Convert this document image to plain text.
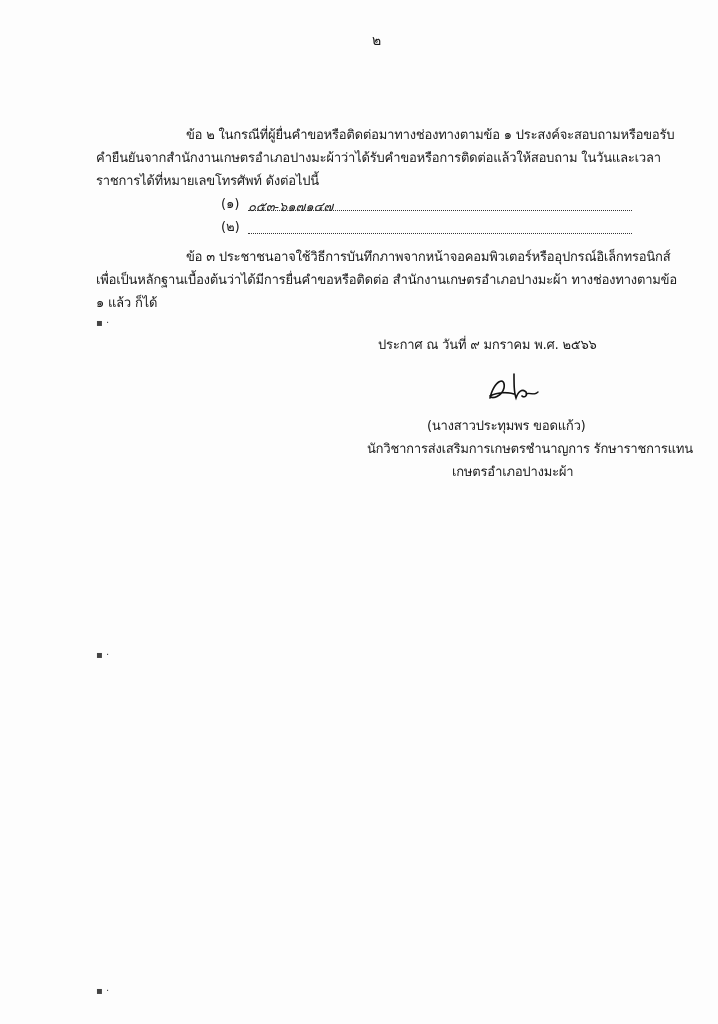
๒
ข้อ ๒ ในกรณีที่ผู้ยื่นคำขอหรือติดต่อมาทางช่องทางตามข้อ ๑ ประสงค์จะสอบถามหรือขอรับ
คำยืนยันจากสำนักงานเกษตรอำเภอปางมะผ้าว่าได้รับคำขอหรือการติดต่อแล้วให้สอบถาม ในวันและเวลา
ราชการได้ที่หมายเลขโทรศัพท์ ดังต่อไปนี้
(๑) ๐๕๓-๖๑๗๑๔๗
(๒)
ข้อ ๓ ประชาชนอาจใช้วิธีการบันทึกภาพจากหน้าจอคอมพิวเตอร์หรืออุปกรณ์อิเล็กทรอนิกส์
เพื่อเป็นหลักฐานเบื้องต้นว่าได้มีการยื่นคำขอหรือติดต่อ สำนักงานเกษตรอำเภอปางมะผ้า ทางช่องทางตามข้อ
๑ แล้ว ก็ได้
▪ ·
▪ ·
▪ ·
ประกาศ ณ วันที่ ๙ มกราคม พ.ศ. ๒๕๖๖
(นางสาวประทุมพร ขอดแก้ว)
นักวิชาการส่งเสริมการเกษตรชำนาญการ รักษาราชการแทน
เกษตรอำเภอปางมะผ้า
